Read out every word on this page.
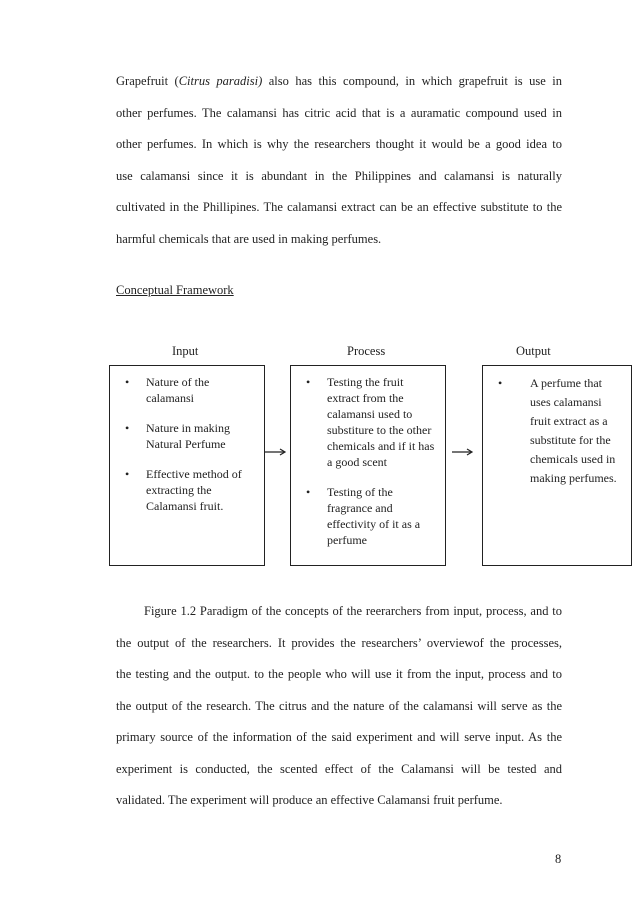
Grapefruit (Citrus paradisi) also has this compound, in which grapefruit is use in
other perfumes. The calamansi has citric acid that is a auramatic compound used in
other perfumes. In which is why the researchers thought it would be a good idea to
use calamansi since it is abundant in the Philippines and calamansi is naturally
cultivated in the Phillipines. The calamansi extract can be an effective substitute to the
harmful chemicals that are used in making perfumes.

Conceptual Framework

Input	Process	Output
• Nature of the calamansi
• Nature in making Natural Perfume
• Effective method of extracting the Calamansi fruit.
• Testing the fruit extract from the calamansi used to substiture to the other chemicals and if it has a good scent
• Testing of the fragrance and effectivity of it as a perfume
• A perfume that uses calamansi fruit extract as a substitute for the chemicals used in making perfumes.
Figure 1.2 Paradigm of the concepts of the reerarchers from input, process, and to
the output of the researchers. It provides the researchers’ overviewof the processes,
the testing and the output. to the people who will use it from the input, process and to
the output of the research. The citrus and the nature of the calamansi will serve as the
primary source of the information of the said experiment and will serve input. As the
experiment is conducted, the scented effect of the Calamansi will be tested and
validated. The experiment will produce an effective Calamansi fruit perfume.
8
